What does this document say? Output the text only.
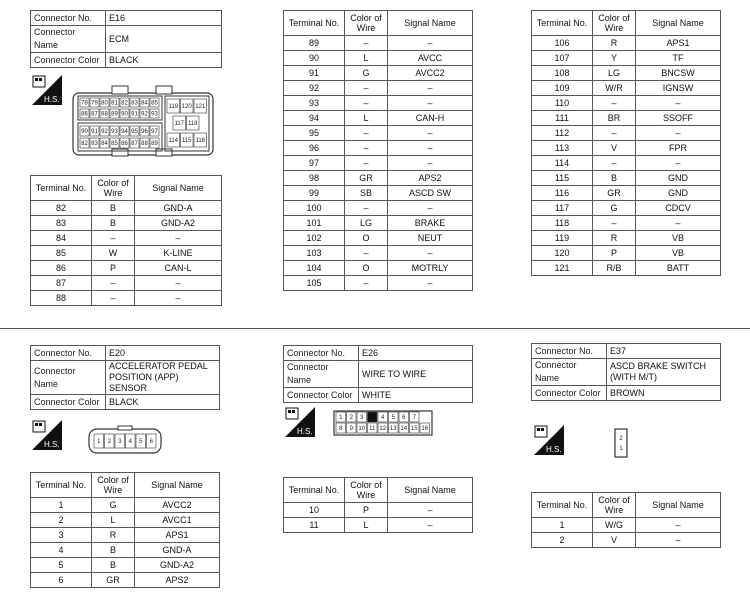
Connector No.	E16
Connector Name	ECM
Connector Color	BLACK
H.S.	78 79 80 81 82 83 84 85
86 87 88 89 90 91 92 93
90 91 92 93 94 95 96 97
82 83 84 85 86 87 88 89
119 120 121
117 118
114 115 116
Terminal No.	Color of Wire	Signal Name
82	B	GND-A
83	B	GND-A2
84	–	–
85	W	K-LINE
86	P	CAN-L
87	–	–
88	–	–
Terminal No.	Color of Wire	Signal Name
89	–	–
90	L	AVCC
91	G	AVCC2
92	–	–
93	–	–
94	L	CAN-H
95	–	–
96	–	–
97	–	–
98	GR	APS2
99	SB	ASCD SW
100	–	–
101	LG	BRAKE
102	O	NEUT
103	–	–
104	O	MOTRLY
105	–	–
Terminal No.	Color of Wire	Signal Name
106	R	APS1
107	Y	TF
108	LG	BNCSW
109	W/R	IGNSW
110	–	–
111	BR	SSOFF
112	–	–
113	V	FPR
114	–	–
115	B	GND
116	GR	GND
117	G	CDCV
118	–	–
119	R	VB
120	P	VB
121	R/B	BATT
Connector No.	E20
Connector Name	ACCELERATOR PEDAL POSITION (APP) SENSOR
Connector Color	BLACK
H.S.	1 2 3 4 5 6
Terminal No.	Color of Wire	Signal Name
1	G	AVCC2
2	L	AVCC1
3	R	APS1
4	B	GND-A
5	B	GND-A2
6	GR	APS2
Connector No.	E26
Connector Name	WIRE TO WIRE
Connector Color	WHITE
H.S.
1 2 3	4 5 6 7
8 9 10 11 12 13 14 15 16
Terminal No.	Color of Wire	Signal Name
10	P	–
11	L	–
Connector No.	E37
Connector Name	ASCD BRAKE SWITCH (WITH M/T)
Connector Color	BROWN
H.S.
2
1
Terminal No.	Color of Wire	Signal Name
1	W/G	–
2	V	–
